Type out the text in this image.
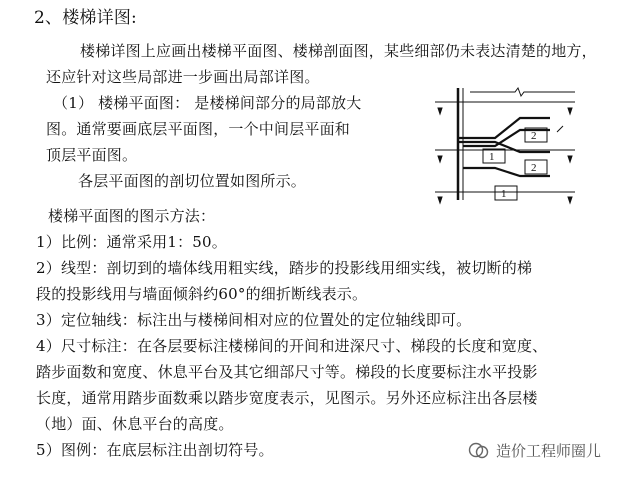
2、楼梯详图:
楼梯详图上应画出楼梯平面图、楼梯剖面图，某些细部仍未表达清楚的地方，
还应针对这些局部进一步画出局部详图。
（1） 楼梯平面图： 是楼梯间部分的局部放大
图。通常要画底层平面图，一个中间层平面和
顶层平面图。
各层平面图的剖切位置如图所示。
楼梯平面图的图示方法：
1）比例：通常采用1：50。
2）线型：剖切到的墙体线用粗实线，踏步的投影线用细实线，被切断的梯
段的投影线用与墙面倾斜约60°的细折断线表示。
3）定位轴线：标注出与楼梯间相对应的位置处的定位轴线即可。
4）尺寸标注：在各层要标注楼梯间的开间和进深尺寸、梯段的长度和宽度、
踏步面数和宽度、休息平台及其它细部尺寸等。梯段的长度要标注水平投影
长度，通常用踏步面数乘以踏步宽度表示，见图示。另外还应标注出各层楼
（地）面、休息平台的高度。
5）图例：在底层标注出剖切符号。
2
1
2
1
造价工程师圈儿
